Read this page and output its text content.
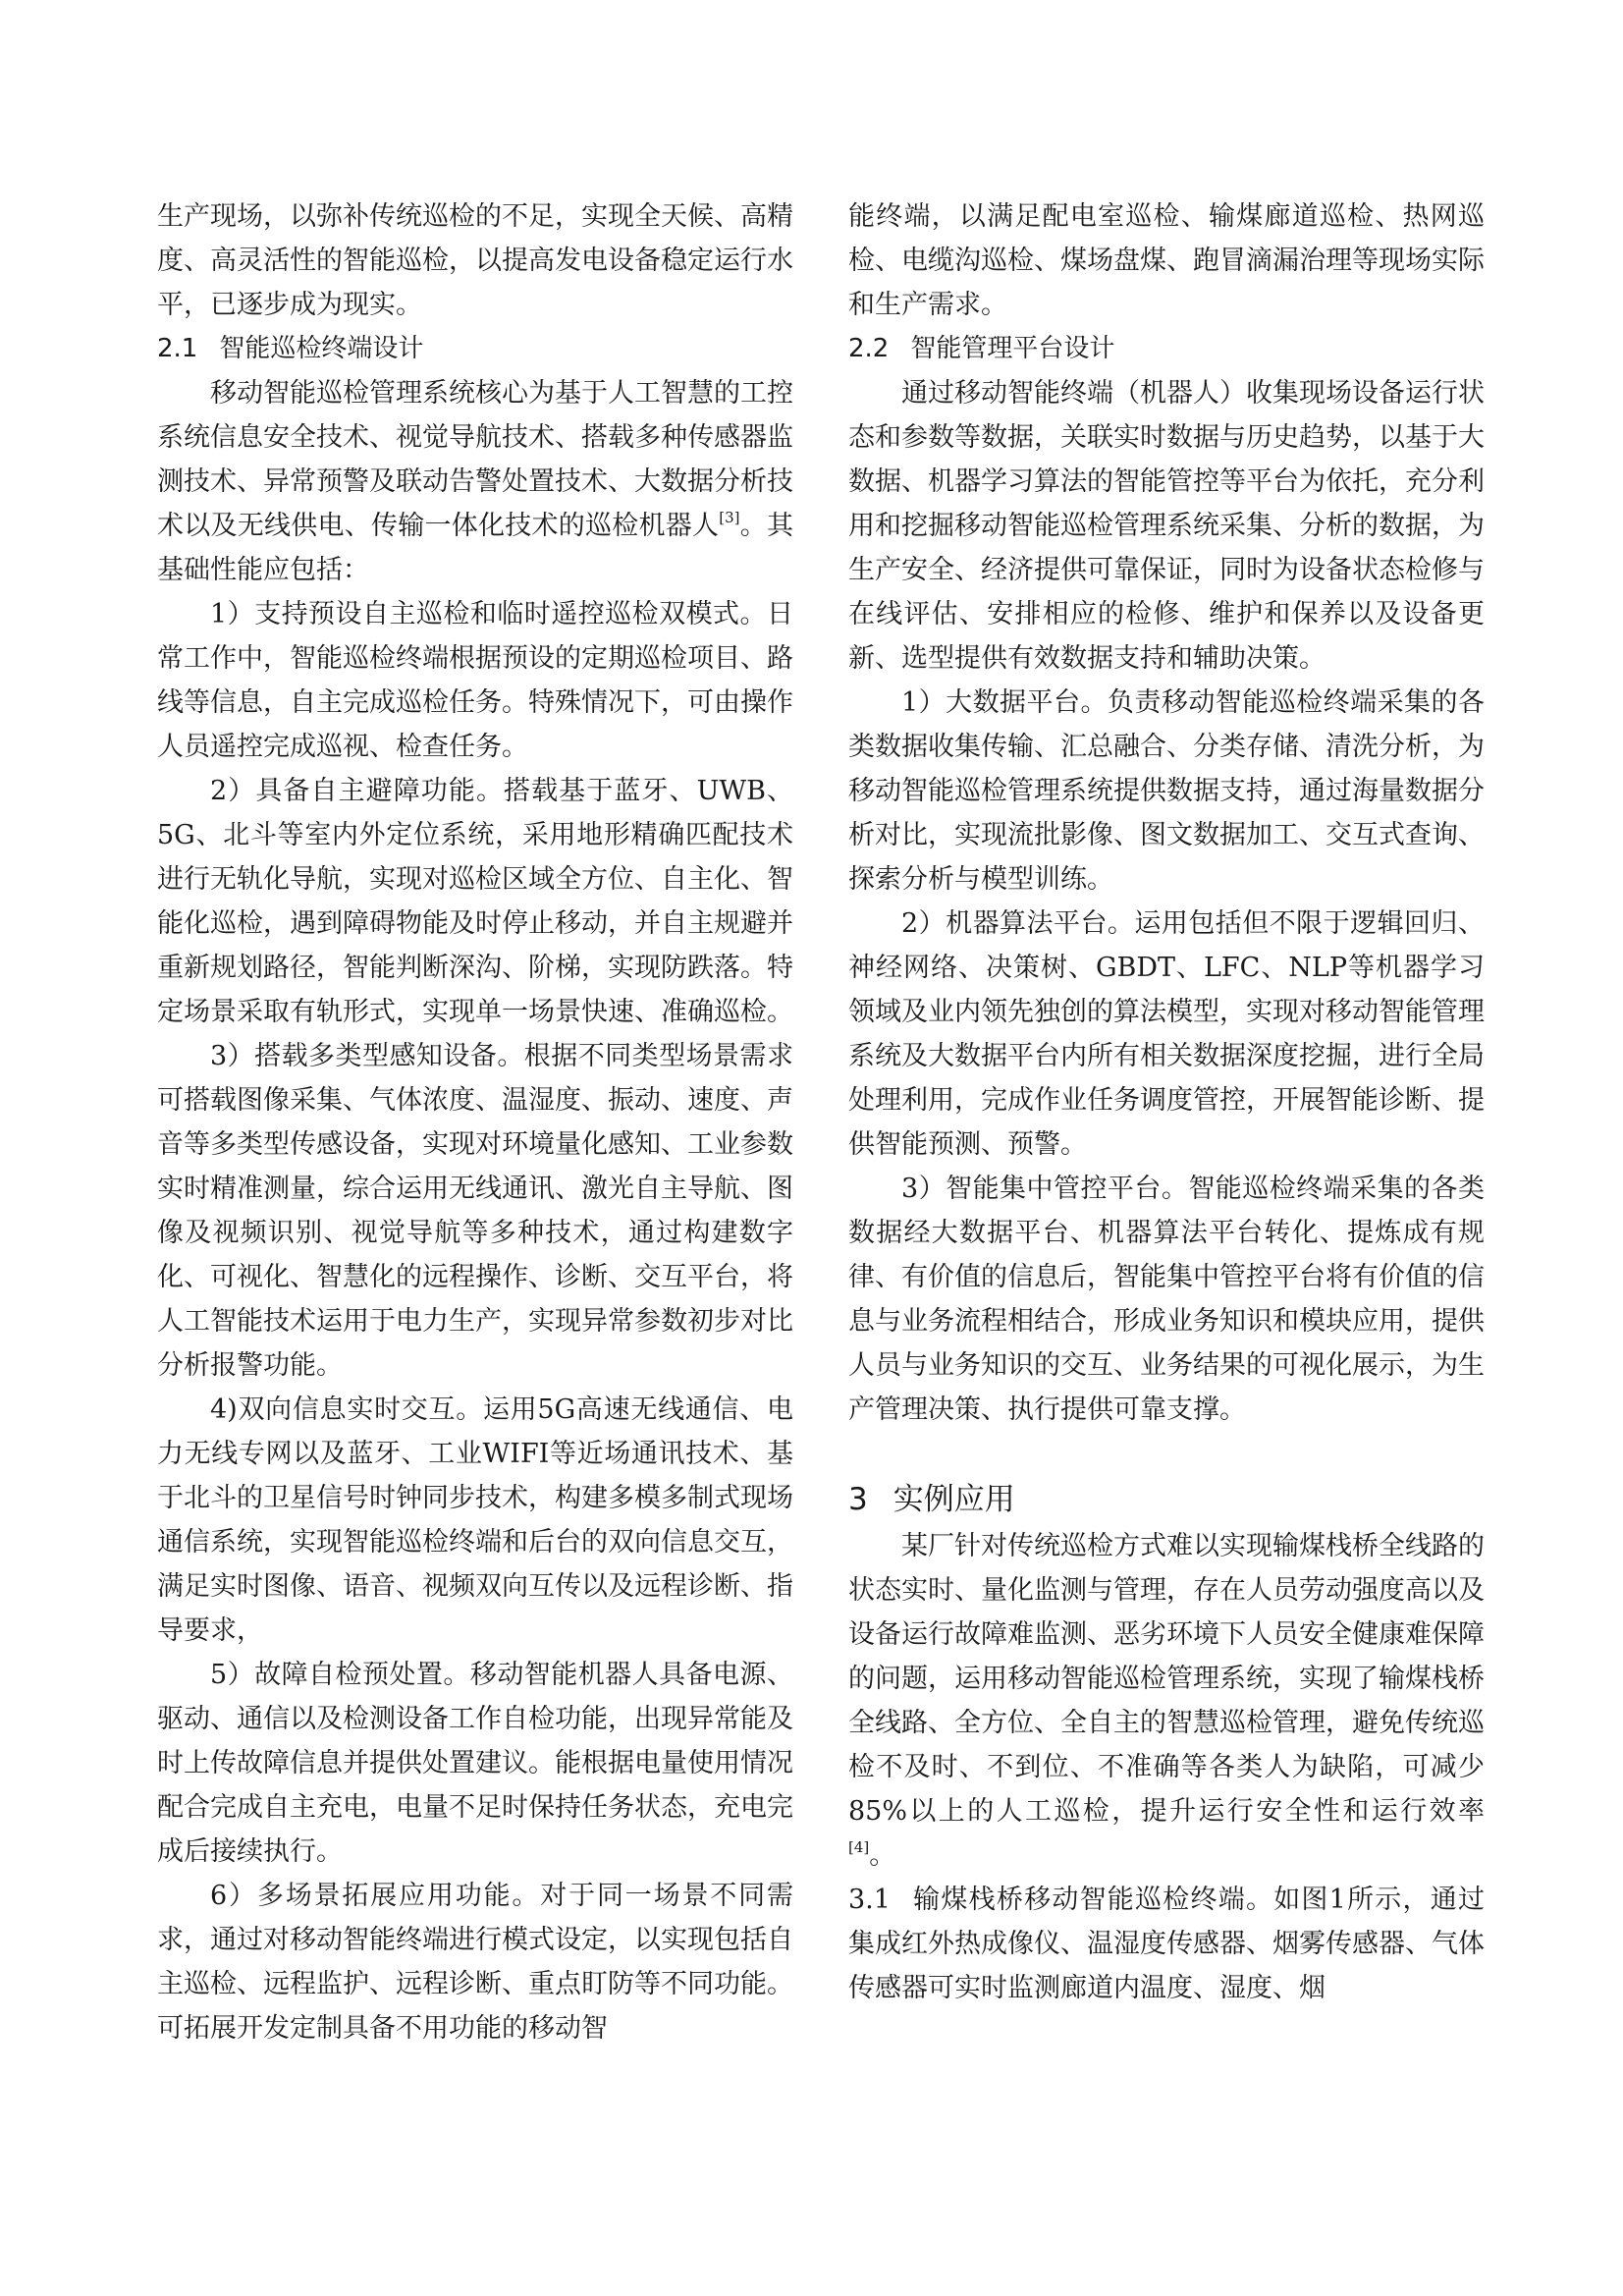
生产现场，以弥补传统巡检的不足，实现全天候、高精度、高灵活性的智能巡检，以提高发电设备稳定运行水平，已逐步成为现实。

2.1 智能巡检终端设计

移动智能巡检管理系统核心为基于人工智慧的工控系统信息安全技术、视觉导航技术、搭载多种传感器监测技术、异常预警及联动告警处置技术、大数据分析技术以及无线供电、传输一体化技术的巡检机器人[3]。其基础性能应包括：

1）支持预设自主巡检和临时遥控巡检双模式。日常工作中，智能巡检终端根据预设的定期巡检项目、路线等信息，自主完成巡检任务。特殊情况下，可由操作人员遥控完成巡视、检查任务。

2）具备自主避障功能。搭载基于蓝牙、UWB、5G、北斗等室内外定位系统，采用地形精确匹配技术进行无轨化导航，实现对巡检区域全方位、自主化、智能化巡检，遇到障碍物能及时停止移动，并自主规避并重新规划路径，智能判断深沟、阶梯，实现防跌落。特定场景采取有轨形式，实现单一场景快速、准确巡检。

3）搭载多类型感知设备。根据不同类型场景需求可搭载图像采集、气体浓度、温湿度、振动、速度、声音等多类型传感设备，实现对环境量化感知、工业参数实时精准测量，综合运用无线通讯、激光自主导航、图像及视频识别、视觉导航等多种技术，通过构建数字化、可视化、智慧化的远程操作、诊断、交互平台，将人工智能技术运用于电力生产，实现异常参数初步对比分析报警功能。

4)双向信息实时交互。运用5G高速无线通信、电力无线专网以及蓝牙、工业WIFI等近场通讯技术、基于北斗的卫星信号时钟同步技术，构建多模多制式现场通信系统，实现智能巡检终端和后台的双向信息交互，满足实时图像、语音、视频双向互传以及远程诊断、指导要求，

5）故障自检预处置。移动智能机器人具备电源、驱动、通信以及检测设备工作自检功能，出现异常能及时上传故障信息并提供处置建议。能根据电量使用情况配合完成自主充电，电量不足时保持任务状态，充电完成后接续执行。

6）多场景拓展应用功能。对于同一场景不同需求，通过对移动智能终端进行模式设定，以实现包括自主巡检、远程监护、远程诊断、重点盯防等不同功能。可拓展开发定制具备不用功能的移动智

能终端，以满足配电室巡检、输煤廊道巡检、热网巡检、电缆沟巡检、煤场盘煤、跑冒滴漏治理等现场实际和生产需求。

2.2 智能管理平台设计

通过移动智能终端（机器人）收集现场设备运行状态和参数等数据，关联实时数据与历史趋势，以基于大数据、机器学习算法的智能管控等平台为依托，充分利用和挖掘移动智能巡检管理系统采集、分析的数据，为生产安全、经济提供可靠保证，同时为设备状态检修与在线评估、安排相应的检修、维护和保养以及设备更新、选型提供有效数据支持和辅助决策。

1）大数据平台。负责移动智能巡检终端采集的各类数据收集传输、汇总融合、分类存储、清洗分析，为移动智能巡检管理系统提供数据支持，通过海量数据分析对比，实现流批影像、图文数据加工、交互式查询、探索分析与模型训练。

2）机器算法平台。运用包括但不限于逻辑回归、神经网络、决策树、GBDT、LFC、NLP等机器学习领域及业内领先独创的算法模型，实现对移动智能管理系统及大数据平台内所有相关数据深度挖掘，进行全局处理利用，完成作业任务调度管控，开展智能诊断、提供智能预测、预警。

3）智能集中管控平台。智能巡检终端采集的各类数据经大数据平台、机器算法平台转化、提炼成有规律、有价值的信息后，智能集中管控平台将有价值的信息与业务流程相结合，形成业务知识和模块应用，提供人员与业务知识的交互、业务结果的可视化展示，为生产管理决策、执行提供可靠支撑。

3 实例应用

某厂针对传统巡检方式难以实现输煤栈桥全线路的状态实时、量化监测与管理，存在人员劳动强度高以及设备运行故障难监测、恶劣环境下人员安全健康难保障的问题，运用移动智能巡检管理系统，实现了输煤栈桥全线路、全方位、全自主的智慧巡检管理，避免传统巡检不及时、不到位、不准确等各类人为缺陷，可减少85%以上的人工巡检，提升运行安全性和运行效率[4]。

3.1 输煤栈桥移动智能巡检终端。如图1所示，通过集成红外热成像仪、温湿度传感器、烟雾传感器、气体传感器可实时监测廊道内温度、湿度、烟
